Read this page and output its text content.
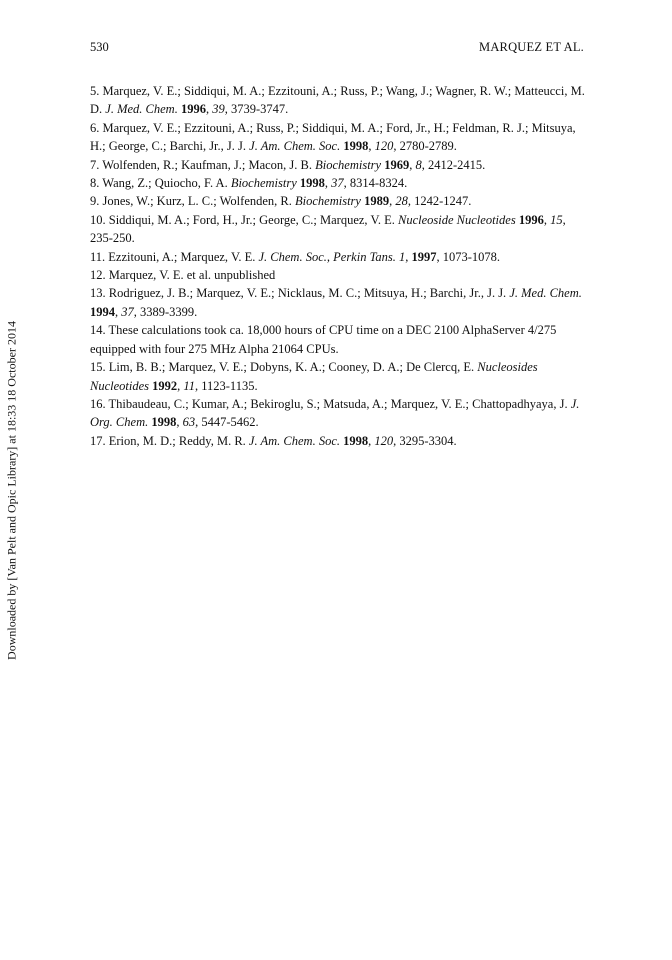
530	MARQUEZ ET AL.

5. Marquez, V. E.; Siddiqui, M. A.; Ezzitouni, A.; Russ, P.; Wang, J.; Wagner, R. W.; Matteucci, M. D. J. Med. Chem. 1996, 39, 3739-3747.

6. Marquez, V. E.; Ezzitouni, A.; Russ, P.; Siddiqui, M. A.; Ford, Jr., H.; Feldman, R. J.; Mitsuya, H.; George, C.; Barchi, Jr., J. J. J. Am. Chem. Soc. 1998, 120, 2780-2789.

7. Wolfenden, R.; Kaufman, J.; Macon, J. B. Biochemistry 1969, 8, 2412-2415.

8. Wang, Z.; Quiocho, F. A. Biochemistry 1998, 37, 8314-8324.

9. Jones, W.; Kurz, L. C.; Wolfenden, R. Biochemistry 1989, 28, 1242-1247.

10. Siddiqui, M. A.; Ford, H., Jr.; George, C.; Marquez, V. E. Nucleoside Nucleotides 1996, 15, 235-250.

11. Ezzitouni, A.; Marquez, V. E. J. Chem. Soc., Perkin Tans. 1, 1997, 1073-1078.

12. Marquez, V. E. et al. unpublished

13. Rodriguez, J. B.; Marquez, V. E.; Nicklaus, M. C.; Mitsuya, H.; Barchi, Jr., J. J. J. Med. Chem. 1994, 37, 3389-3399.

14. These calculations took ca. 18,000 hours of CPU time on a DEC 2100 AlphaServer 4/275 equipped with four 275 MHz Alpha 21064 CPUs.

15. Lim, B. B.; Marquez, V. E.; Dobyns, K. A.; Cooney, D. A.; De Clercq, E. Nucleosides Nucleotides 1992, 11, 1123-1135.

16. Thibaudeau, C.; Kumar, A.; Bekiroglu, S.; Matsuda, A.; Marquez, V. E.; Chattopadhyaya, J. J. Org. Chem. 1998, 63, 5447-5462.

17. Erion, M. D.; Reddy, M. R. J. Am. Chem. Soc. 1998, 120, 3295-3304.

Downloaded by [Van Pelt and Opic Library] at 18:33 18 October 2014
